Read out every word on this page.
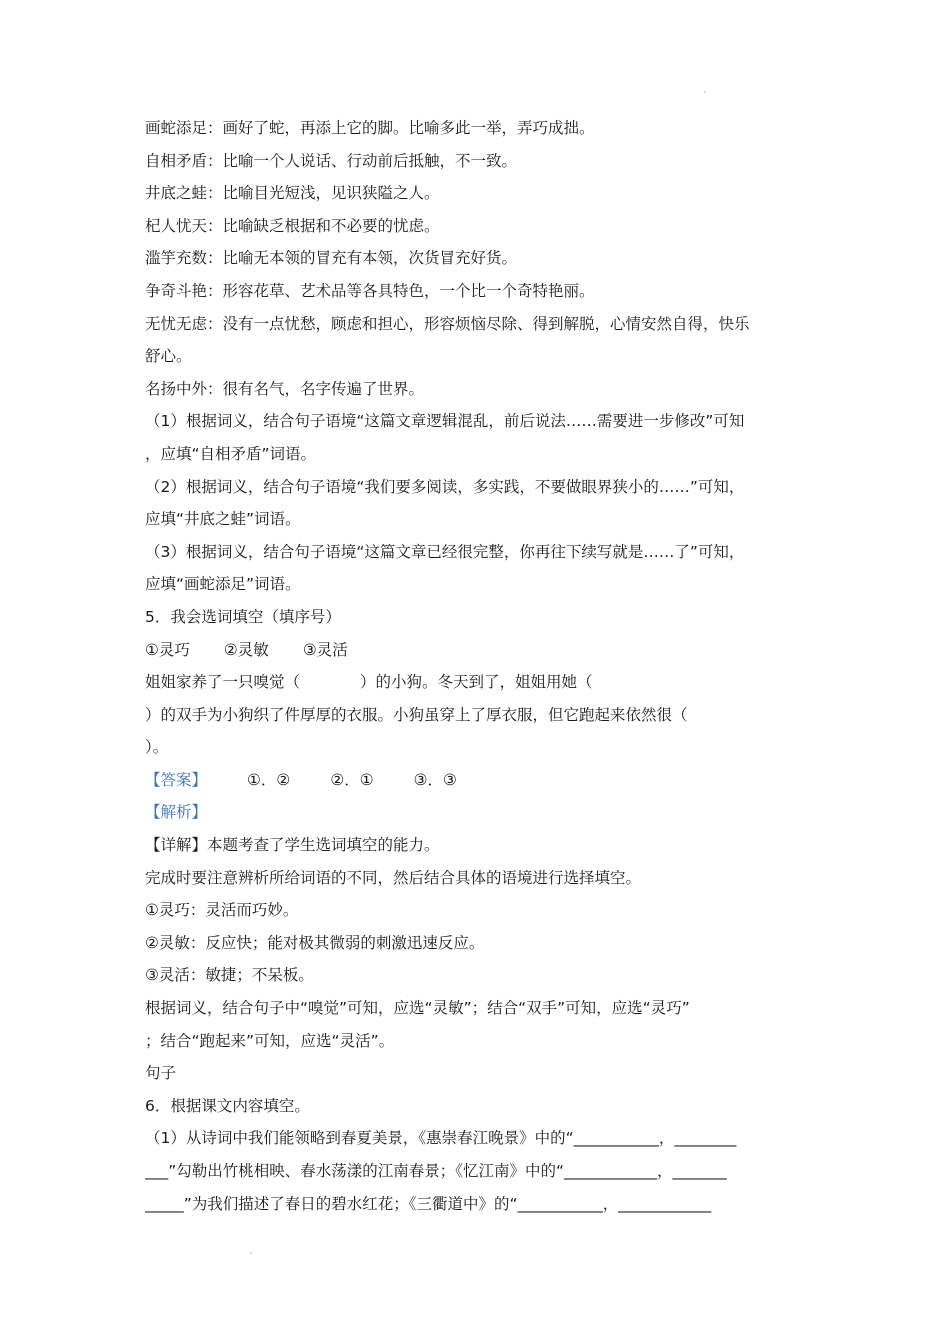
画蛇添足：画好了蛇，再添上它的脚。比喻多此一举，弄巧成拙。
自相矛盾：比喻一个人说话、行动前后抵触，不一致。
井底之蛙：比喻目光短浅，见识狭隘之人。
杞人忧天：比喻缺乏根据和不必要的忧虑。
滥竽充数：比喻无本领的冒充有本领，次货冒充好货。
争奇斗艳：形容花草、艺术品等各具特色，一个比一个奇特艳丽。
无忧无虑：没有一点忧愁，顾虑和担心，形容烦恼尽除、得到解脱，心情安然自得，快乐
舒心。
名扬中外：很有名气，名字传遍了世界。
（1）根据词义，结合句子语境“这篇文章逻辑混乱，前后说法……需要进一步修改”可知
，应填“自相矛盾”词语。
（2）根据词义，结合句子语境“我们要多阅读，多实践，不要做眼界狭小的……”可知，
应填“井底之蛙”词语。
（3）根据词义，结合句子语境“这篇文章已经很完整，你再往下续写就是……了”可知，
应填“画蛇添足”词语。
5．我会选词填空（填序号）
①灵巧 ②灵敏 ③灵活
姐姐家养了一只嗅觉（	）的小狗。冬天到了，姐姐用她（
）的双手为小狗织了件厚厚的衣服。小狗虽穿上了厚衣服，但它跑起来依然很（
）。
【答案】	①．②	②．①	③．③
【解析】
【详解】本题考查了学生选词填空的能力。
完成时要注意辨析所给词语的不同，然后结合具体的语境进行选择填空。
①灵巧：灵活而巧妙。
②灵敏：反应快；能对极其微弱的刺激迅速反应。
③灵活：敏捷；不呆板。
根据词义，结合句子中“嗅觉”可知，应选“灵敏”；结合“双手”可知，应选“灵巧”
；结合“跑起来”可知，应选“灵活”。
句子
6．根据课文内容填空。
（1）从诗词中我们能领略到春夏美景，《惠崇春江晚景》中的“___________，________
___”勾勒出竹桃相映、春水荡漾的江南春景；《忆江南》中的“____________，_______
_____”为我们描述了春日的碧水红花；《三衢道中》的“___________，____________
